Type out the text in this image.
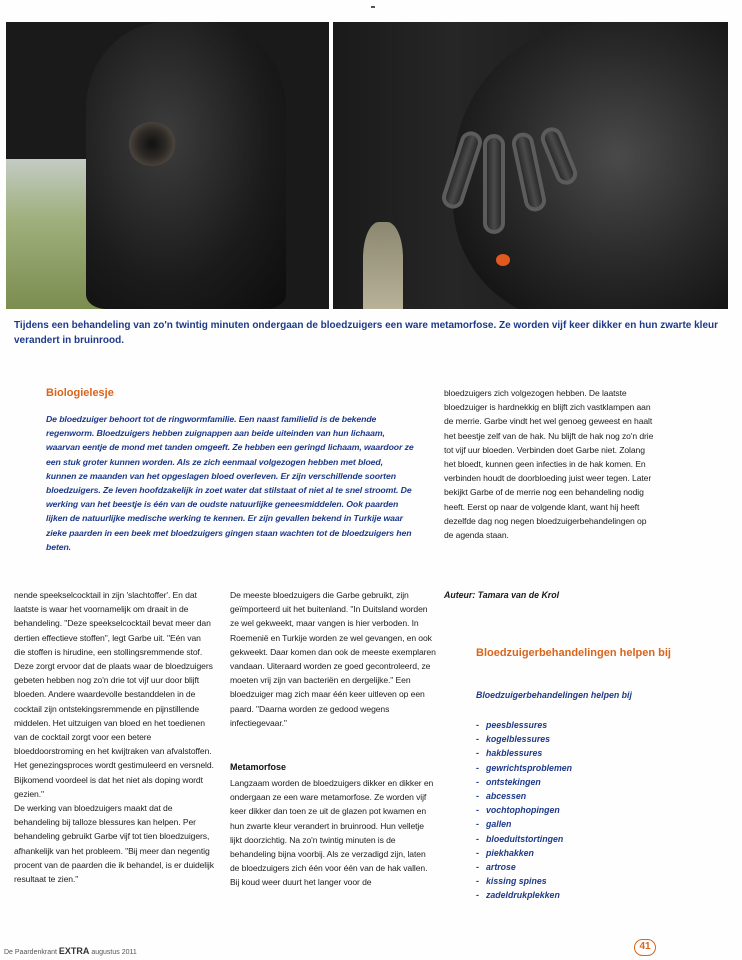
Tijdens een behandeling van zo'n twintig minuten ondergaan de bloedzuigers een ware metamorfose. Ze worden vijf keer dikker en hun zwarte kleur verandert in bruinrood.

Biologielesje

De bloedzuiger behoort tot de ringwormfamilie. Een naast familielid is de bekende regenworm. Bloedzuigers hebben zuignappen aan beide uiteinden van hun lichaam, waarvan eentje de mond met tanden omgeeft. Ze hebben een geringd lichaam, waardoor ze een stuk groter kunnen worden. Als ze zich eenmaal volgezogen hebben met bloed, kunnen ze maanden van het opgeslagen bloed overleven. Er zijn verschillende soorten bloedzuigers. Ze leven hoofdzakelijk in zoet water dat stilstaat of niet al te snel stroomt. De werking van het beestje is één van de oudste natuurlijke geneesmiddelen. Ook paarden lijken de natuurlijke medische werking te kennen. Er zijn gevallen bekend in Turkije waar zieke paarden in een beek met bloedzuigers gingen staan wachten tot de bloedzuigers hen beten.

nende speekselcocktail in zijn 'slachtoffer'. En dat laatste is waar het voornamelijk om draait in de behandeling. "Deze speekselcocktail bevat meer dan dertien effectieve stoffen", legt Garbe uit. "Eén van die stoffen is hirudine, een stollingsremmende stof. Deze zorgt ervoor dat de plaats waar de bloedzuigers gebeten hebben nog zo'n drie tot vijf uur door blijft bloeden. Andere waardevolle bestanddelen in de cocktail zijn ontstekingsremmende en pijnstillende middelen. Het uitzuigen van bloed en het toedienen van de cocktail zorgt voor een betere bloeddoorstroming en het kwijtraken van afvalstoffen. Het genezingsproces wordt gestimuleerd en versneld. Bijkomend voordeel is dat het niet als doping wordt gezien."

De werking van bloedzuigers maakt dat de behandeling bij talloze blessures kan helpen. Per behandeling gebruikt Garbe vijf tot tien bloedzuigers, afhankelijk van het probleem. "Bij meer dan negentig procent van de paarden die ik behandel, is er duidelijk resultaat te zien."

De meeste bloedzuigers die Garbe gebruikt, zijn geïmporteerd uit het buitenland. "In Duitsland worden ze wel gekweekt, maar vangen is hier verboden. In Roemenië en Turkije worden ze wel gevangen, en ook gekweekt. Daar komen dan ook de meeste exemplaren vandaan. Uiteraard worden ze goed gecontroleerd, ze moeten vrij zijn van bacteriën en dergelijke." Een bloedzuiger mag zich maar één keer uitleven op een paard. "Daarna worden ze gedood wegens infectiegevaar."

Metamorfose

Langzaam worden de bloedzuigers dikker en dikker en ondergaan ze een ware metamorfose. Ze worden vijf keer dikker dan toen ze uit de glazen pot kwamen en hun zwarte kleur verandert in bruinrood. Hun velletje lijkt doorzichtig. Na zo'n twintig minuten is de behandeling bijna voorbij. Als ze verzadigd zijn, laten de bloedzuigers zich één voor één van de hak vallen. Bij koud weer duurt het langer voor de

bloedzuigers zich volgezogen hebben. De laatste bloedzuiger is hardnekkig en blijft zich vastklampen aan de merrie. Garbe vindt het wel genoeg geweest en haalt het beestje zelf van de hak. Nu blijft de hak nog zo'n drie tot vijf uur bloeden. Verbinden doet Garbe niet. Zolang het bloedt, kunnen geen infecties in de hak komen. En verbinden houdt de doorbloeding juist weer tegen. Later bekijkt Garbe of de merrie nog een behandeling nodig heeft. Eerst op naar de volgende klant, want hij heeft dezelfde dag nog negen bloedzuigerbehandelingen op de agenda staan.

Auteur: Tamara van de Krol

Bloedzuigerbehandelingen helpen bij

Bloedzuigerbehandelingen helpen bij

- peesblessures
- kogelblessures
- hakblessures
- gewrichtsproblemen
- ontstekingen
- abcessen
- vochtophopingen
- gallen
- bloeduitstortingen
- piekhakken
- artrose
- kissing spines
- zadeldrukplekken
De Paardenkrant EXTRA augustus 2011
41
